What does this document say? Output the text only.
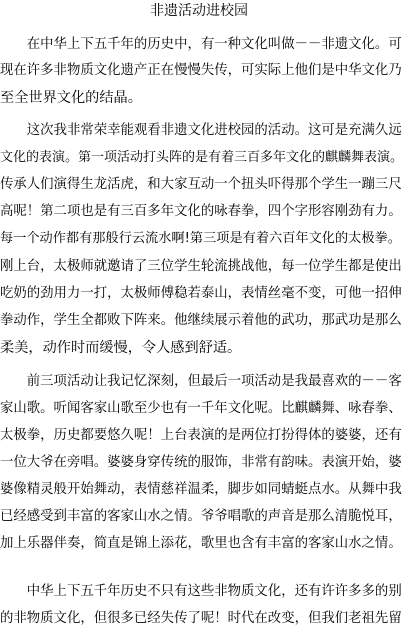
非遗活动进校园
　　在中华上下五千年的历史中，有一种文化叫做－－非遗文化。可
现在许多非物质文化遗产正在慢慢失传，可实际上他们是中华文化乃
至全世界文化的结晶。
　　这次我非常荣幸能观看非遗文化进校园的活动。这可是充满久远
文化的表演。第一项活动打头阵的是有着三百多年文化的麒麟舞表演。
传承人们演得生龙活虎，和大家互动一个扭头吓得那个学生一蹦三尺
高呢！第二项也是有三百多年文化的咏春拳，四个字形容刚劲有力。
每一个动作都有那般行云流水啊!第三项是有着六百年文化的太极拳。
刚上台，太极师就邀请了三位学生轮流挑战他，每一位学生都是使出
吃奶的劲用力一打，太极师傅稳若泰山，表情丝毫不变，可他一招伸
拳动作，学生全都败下阵来。他继续展示着他的武功，那武功是那么
柔美，动作时而缓慢，令人感到舒适。
　　前三项活动让我记忆深刻，但最后一项活动是我最喜欢的－－客
家山歌。听闻客家山歌至少也有一千年文化呢。比麒麟舞、咏春拳、
太极拳，历史都要悠久呢！上台表演的是两位打扮得体的婆婆，还有
一位大爷在旁唱。婆婆身穿传统的服饰，非常有韵味。表演开始，婆
婆像精灵般开始舞动，表情慈祥温柔，脚步如同蜻蜓点水。从舞中我
已经感受到丰富的客家山水之情。爷爷唱歌的声音是那么清脆悦耳，
加上乐器伴奏，简直是锦上添花，歌里也含有丰富的客家山水之情。
　　中华上下五千年历史不只有这些非物质文化，还有许许多多的别
的非物质文化，但很多已经失传了呢！时代在改变，但我们老祖先留
